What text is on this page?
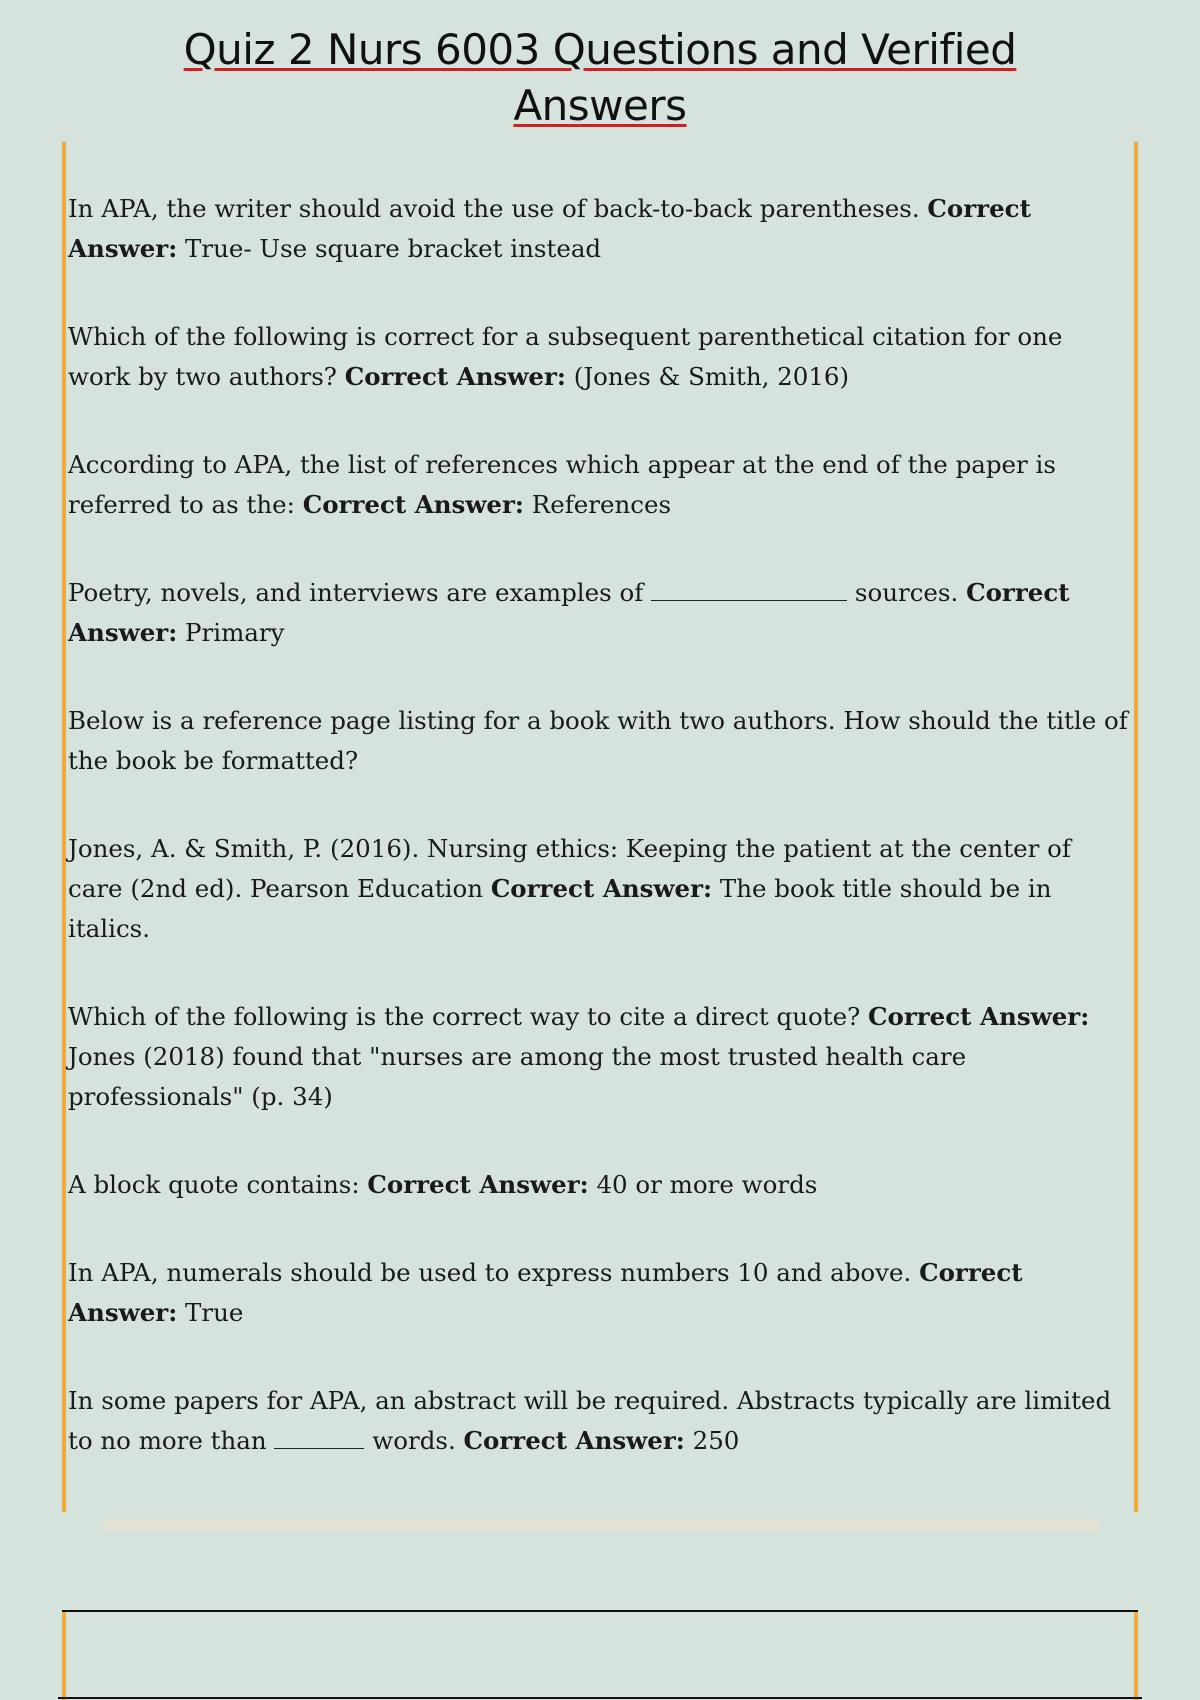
Quiz 2 Nurs 6003 Questions and Verified
Answers

In APA, the writer should avoid the use of back-to-back parentheses. Correct Answer: True- Use square bracket instead

Which of the following is correct for a subsequent parenthetical citation for one work by two authors? Correct Answer: (Jones & Smith, 2016)

According to APA, the list of references which appear at the end of the paper is referred to as the: Correct Answer: References

Poetry, novels, and interviews are examples of	sources. Correct Answer: Primary

Below is a reference page listing for a book with two authors. How should the title of the book be formatted?

Jones, A. & Smith, P. (2016). Nursing ethics: Keeping the patient at the center of care (2nd ed). Pearson Education Correct Answer: The book title should be in italics.

Which of the following is the correct way to cite a direct quote? Correct Answer: Jones (2018) found that "nurses are among the most trusted health care professionals" (p. 34)

A block quote contains: Correct Answer: 40 or more words

In APA, numerals should be used to express numbers 10 and above. Correct Answer: True

In some papers for APA, an abstract will be required. Abstracts typically are limited to no more than	words. Correct Answer: 250
